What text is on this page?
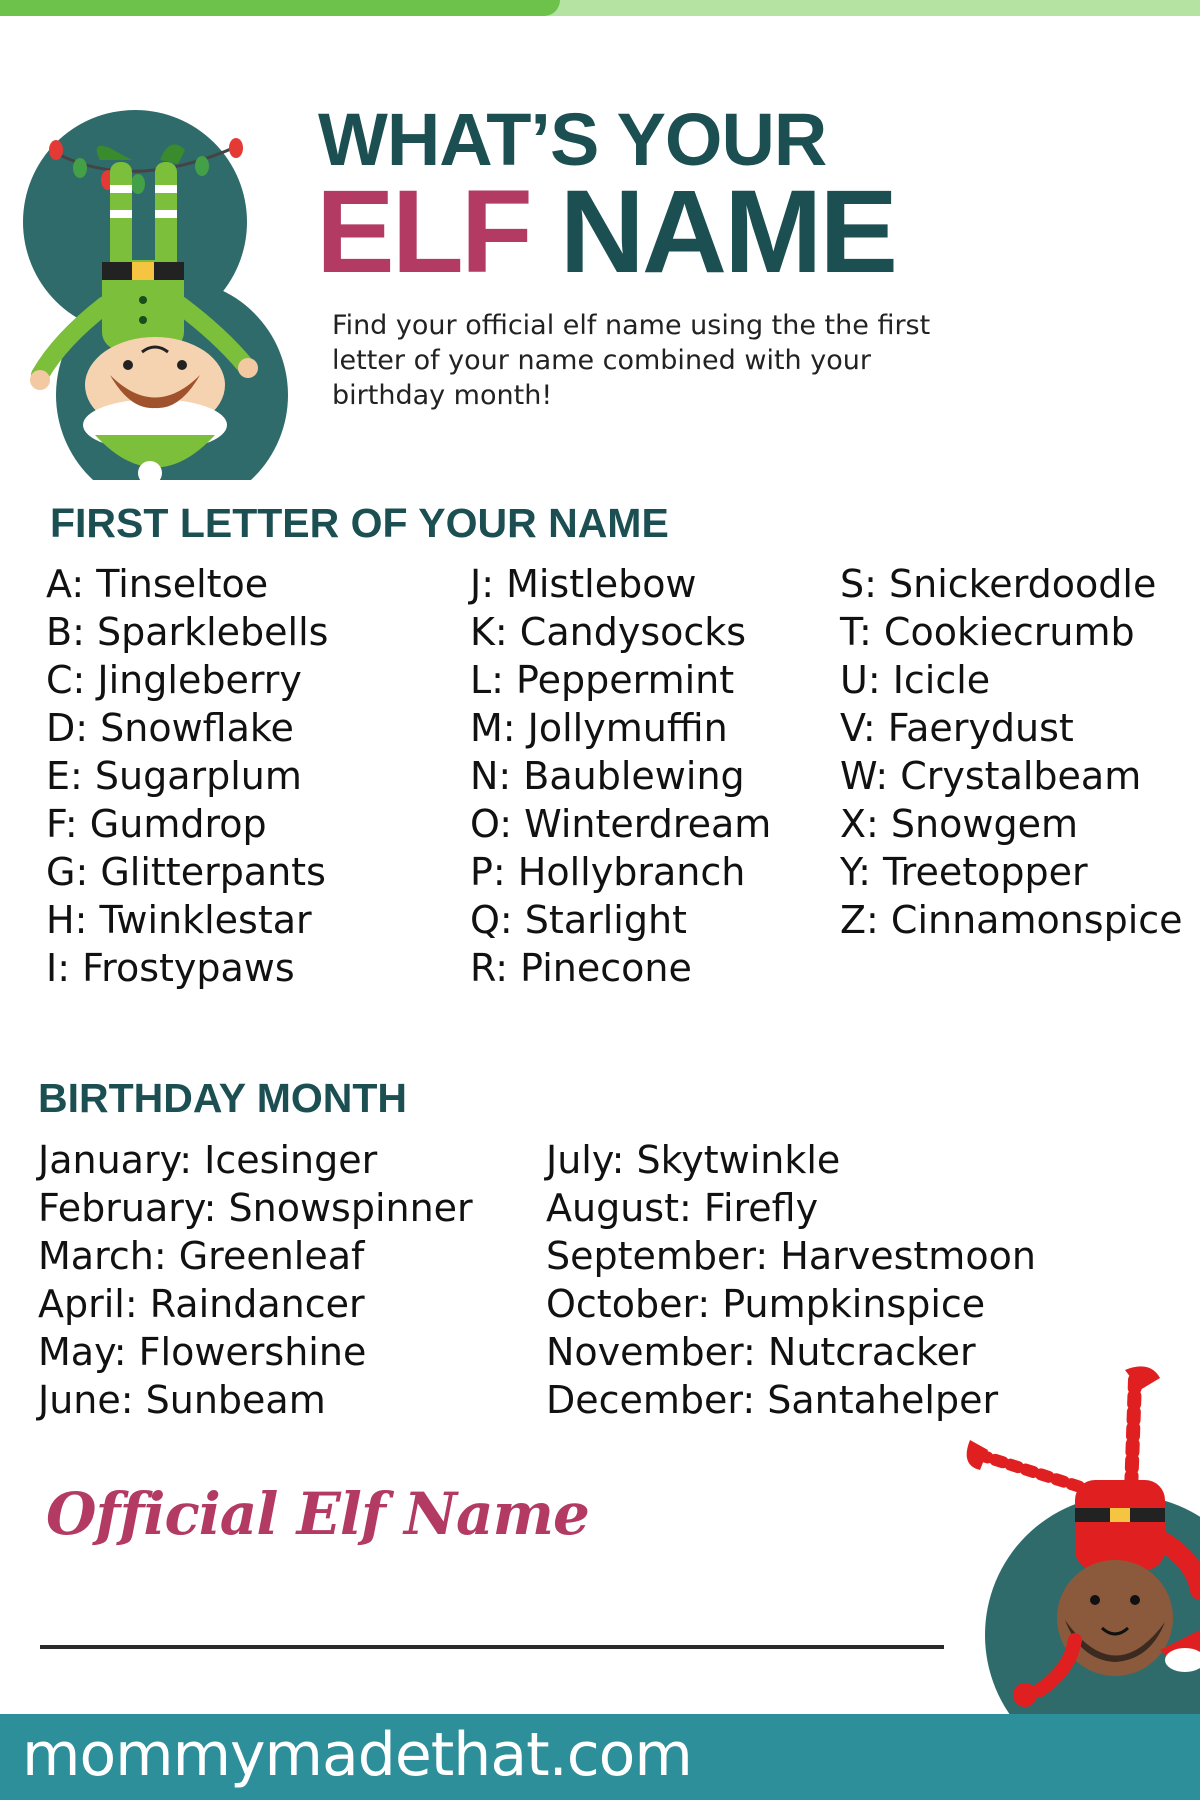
WHAT’S YOUR
ELF NAME
Find your official elf name using the the first letter of your name combined with your birthday month!
FIRST LETTER OF YOUR NAME
A: Tinseltoe
B: Sparklebells
C: Jingleberry
D: Snowflake
E: Sugarplum
F: Gumdrop
G: Glitterpants
H: Twinklestar
I: Frostypaws
J: Mistlebow
K: Candysocks
L: Peppermint
M: Jollymuffin
N: Baublewing
O: Winterdream
P: Hollybranch
Q: Starlight
R: Pinecone
S: Snickerdoodle
T: Cookiecrumb
U: Icicle
V: Faerydust
W: Crystalbeam
X: Snowgem
Y: Treetopper
Z: Cinnamonspice
BIRTHDAY MONTH
January: Icesinger
February: Snowspinner
March: Greenleaf
April: Raindancer
May: Flowershine
June: Sunbeam
July: Skytwinkle
August: Firefly
September: Harvestmoon
October: Pumpkinspice
November: Nutcracker
December: Santahelper
Official Elf Name
mommymadethat.com
